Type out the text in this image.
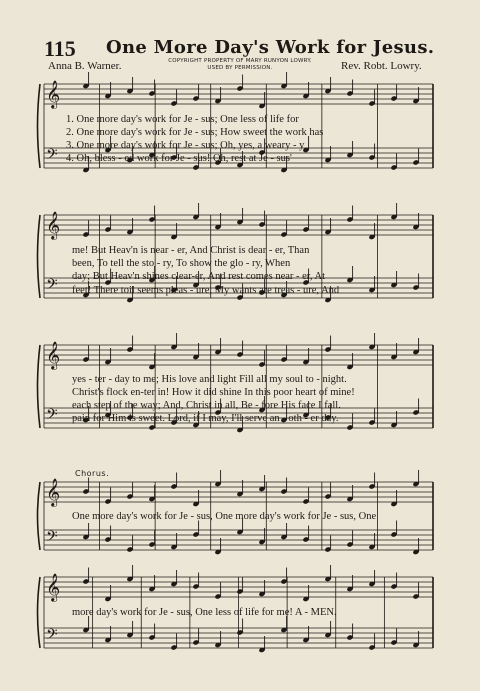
𝄞
𝄢
𝄞
𝄢
𝄞
𝄢
𝄞
𝄢
𝄞
𝄢
115 One More Day's Work for Jesus.
Anna B. Warner.	COPYRIGHT PROPERTY OF MARY RUNYON LOWRY.
USED BY PERMISSION.	Rev. Robt. Lowry.
1. One more day's work for Je - sus; One less of life for
2. One more day's work for Je - sus; How sweet the work has
3. One more day's work for Je - sus; Oh, yes, a weary - y
4. Oh, bless - ed work for Je - sus! Oh, rest at Je - sus'
me! But Heav'n is near - er, And Christ is dear - er, Than
been, To tell the sto - ry, To show the glo - ry, When
day; But Heav'n shines clear-er, And rest comes near - er, At
feet! There toil seems pleas - ure, My wants are treas - ure, And
yes - ter - day to me; His love and light Fill all my soul to - night.
Christ's flock en-ter in! How it did shine In this poor heart of mine!
each step of the way; And, Christ in all, Be - fore His face I fall.
pain for Him is sweet. Lord, if I may, I'll serve an - oth - er day.
Chorus.
One more day's work for Je - sus, One more day's work for Je - sus, One
more day's work for Je - sus, One less of life for me! A - MEN.
